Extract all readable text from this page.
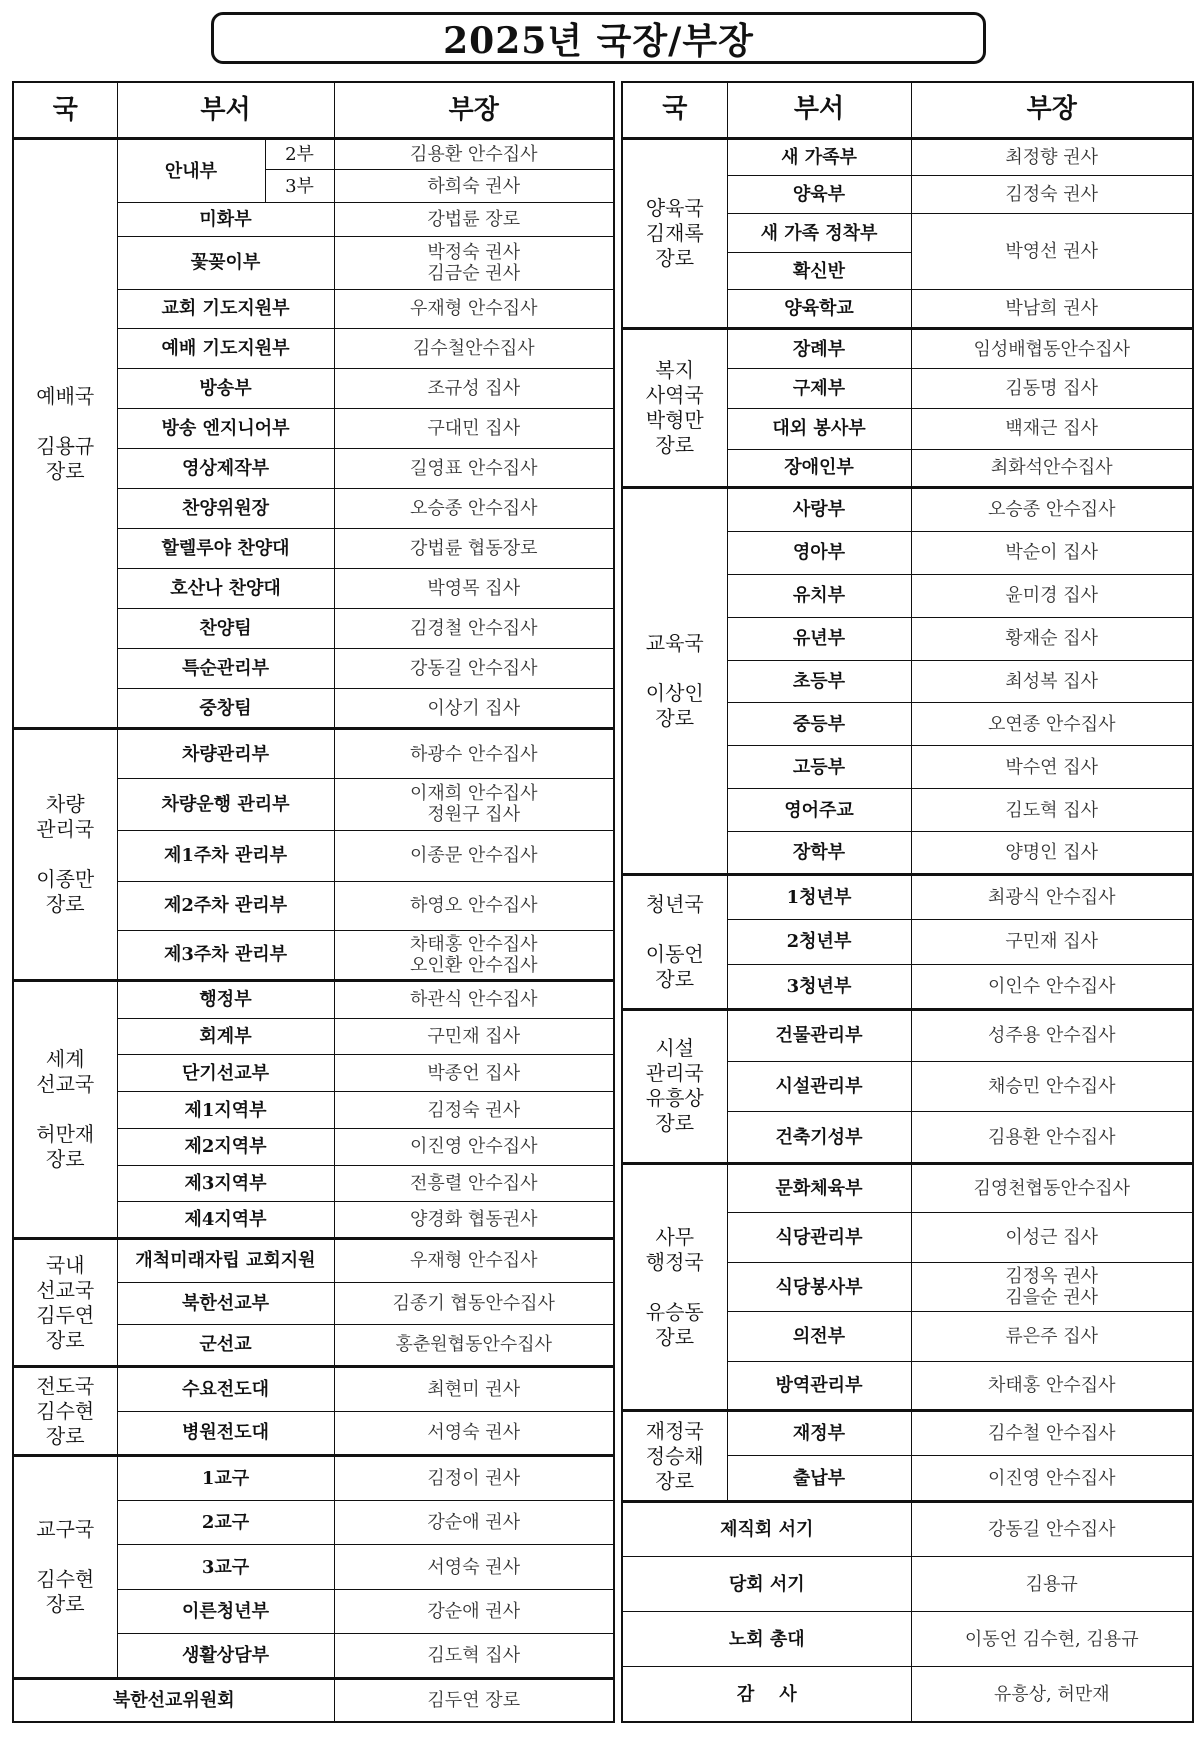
2025년 국장/부장
국	부서		부장

예배국

김용규
장로	안내부	2부	김용환 안수집사
		3부	하희숙 권사
	미화부		강법륜 장로
	꽃꽂이부		박정숙 권사
김금순 권사

	교회 기도지원부		우재형 안수집사
	예배 기도지원부		김수철안수집사
	방송부		조규성 집사
	방송 엔지니어부		구대민 집사
	영상제작부		길영표 안수집사
	찬양위원장		오승종 안수집사
	할렐루야 찬양대		강법륜 협동장로
	호산나 찬양대		박영목 집사
	찬양팀		김경철 안수집사
	특순관리부		강동길 안수집사
	중창팀		이상기 집사

차량
관리국

이종만
장로	차량관리부		하광수 안수집사
	차량운행 관리부		이재희 안수집사
정원구 집사

	제1주차 관리부		이종문 안수집사
	제2주차 관리부		하영오 안수집사
	제3주차 관리부		차태홍 안수집사
오인환 안수집사

세계
선교국

허만재
장로	행정부		하관식 안수집사
	회계부		구민재 집사
	단기선교부		박종언 집사
	제1지역부		김정숙 권사
	제2지역부		이진영 안수집사
	제3지역부		전흥렬 안수집사
	제4지역부		양경화 협동권사

국내
선교국
김두연
장로	개척미래자립 교회지원		우재형 안수집사
	북한선교부		김종기 협동안수집사
	군선교		홍춘원협동안수집사

전도국
김수현
장로	수요전도대		최현미 권사
	병원전도대		서영숙 권사

교구국

김수현
장로	1교구		김정이 권사
	2교구		강순애 권사
	3교구		서영숙 권사
	이른청년부		강순애 권사
	생활상담부		김도혁 집사
북한선교위원회			김두연 장로
국	부서	부장

양육국
김재록
장로	새 가족부	최정향 권사
	양육부	김정숙 권사
	새 가족 정착부	박영선 권사
	확신반	
	양육학교	박남희 권사

복지
사역국
박형만
장로	장례부	임성배협동안수집사
	구제부	김동명 집사
	대외 봉사부	백재근 집사
	장애인부	최화석안수집사

교육국

이상인
장로	사랑부	오승종 안수집사
	영아부	박순이 집사
	유치부	윤미경 집사
	유년부	황재순 집사
	초등부	최성복 집사
	중등부	오연종 안수집사
	고등부	박수연 집사
	영어주교	김도혁 집사
	장학부	양명인 집사

청년국

이동언
장로	1청년부	최광식 안수집사
	2청년부	구민재 집사
	3청년부	이인수 안수집사

시설
관리국
유흥상
장로	건물관리부	성주용 안수집사
	시설관리부	채승민 안수집사
	건축기성부	김용환 안수집사

사무
행정국

유승동
장로	문화체육부	김영천협동안수집사
	식당관리부	이성근 집사
	식당봉사부	김정옥 권사
김을순 권사

	의전부	류은주 집사
	방역관리부	차태홍 안수집사

재정국
정승채
장로	재정부	김수철 안수집사
	출납부	이진영 안수집사
제직회 서기		강동길 안수집사
당회 서기		김용규
노회 총대		이동언 김수현, 김용규
감    사		유흥상, 허만재
